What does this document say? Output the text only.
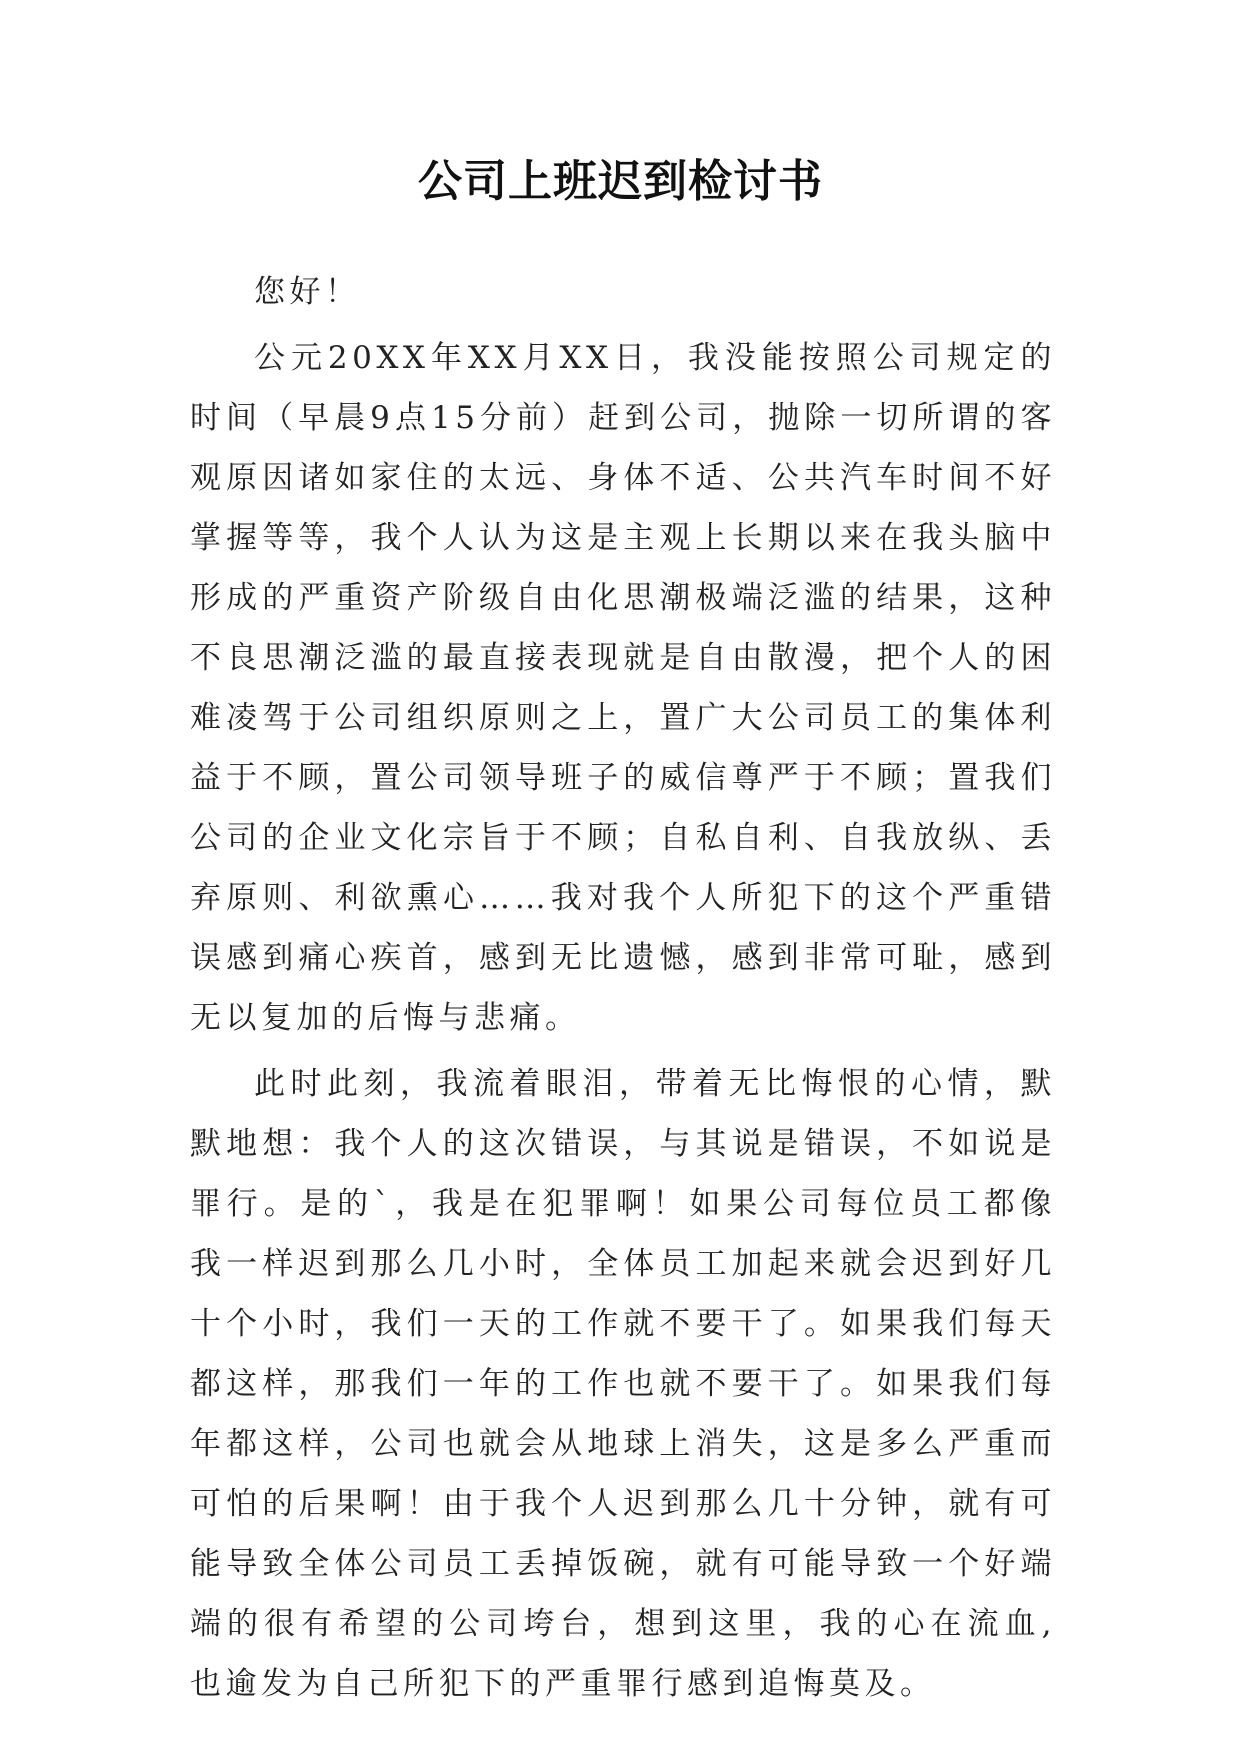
公司上班迟到检讨书

您好！

公元20XX年XX月XX日，我没能按照公司规定的时间（早晨9点15分前）赶到公司，抛除一切所谓的客观原因诸如家住的太远、身体不适、公共汽车时间不好掌握等等，我个人认为这是主观上长期以来在我头脑中形成的严重资产阶级自由化思潮极端泛滥的结果，这种不良思潮泛滥的最直接表现就是自由散漫，把个人的困难凌驾于公司组织原则之上，置广大公司员工的集体利益于不顾，置公司领导班子的威信尊严于不顾；置我们公司的企业文化宗旨于不顾；自私自利、自我放纵、丢弃原则、利欲熏心……我对我个人所犯下的这个严重错误感到痛心疾首，感到无比遗憾，感到非常可耻，感到无以复加的后悔与悲痛。

此时此刻，我流着眼泪，带着无比悔恨的心情，默默地想：我个人的这次错误，与其说是错误，不如说是罪行。是的`，我是在犯罪啊！如果公司每位员工都像我一样迟到那么几小时，全体员工加起来就会迟到好几十个小时，我们一天的工作就不要干了。如果我们每天都这样，那我们一年的工作也就不要干了。如果我们每年都这样，公司也就会从地球上消失，这是多么严重而可怕的后果啊！由于我个人迟到那么几十分钟，就有可能导致全体公司员工丢掉饭碗，就有可能导致一个好端端的很有希望的公司垮台，想到这里，我的心在流血,也逾发为自己所犯下的严重罪行感到追悔莫及。
